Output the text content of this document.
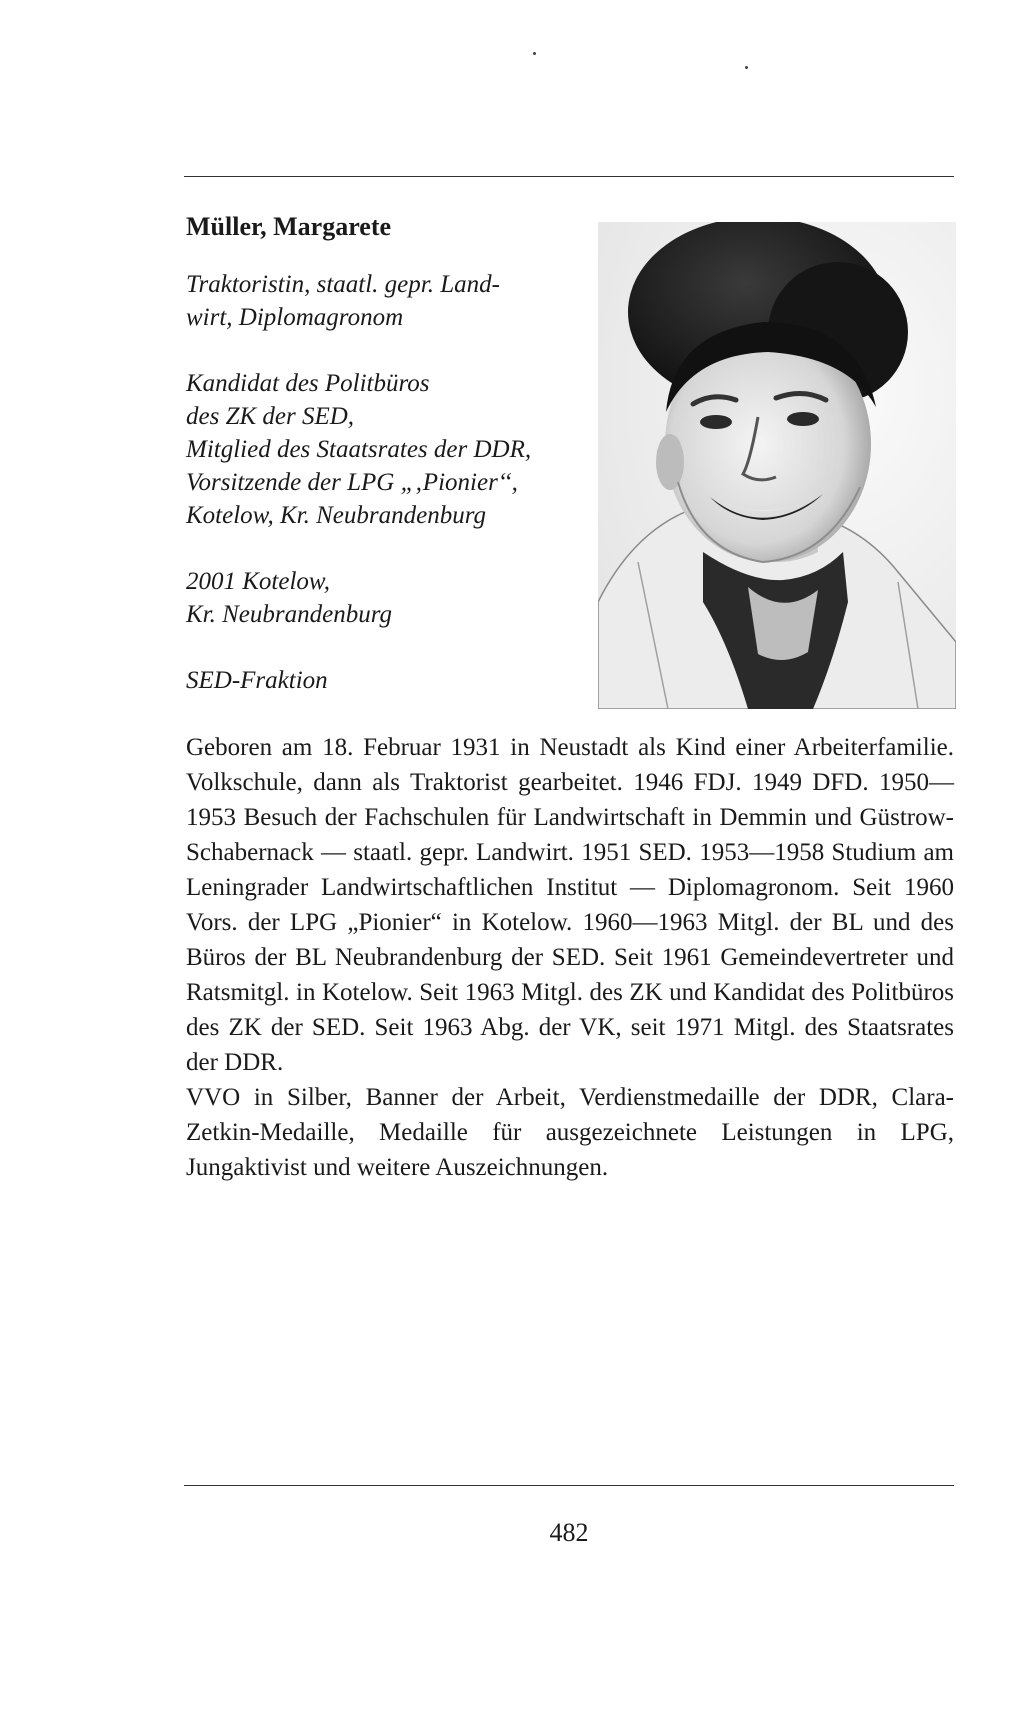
Müller, Margarete

Traktoristin, staatl. gepr. Land-
wirt, Diplomagronom

Kandidat des Politbüros
des ZK der SED,
Mitglied des Staatsrates der DDR,
Vorsitzende der LPG „‚Pionier‘‘,
Kotelow, Kr. Neubrandenburg

2001 Kotelow,
Kr. Neubrandenburg

SED-Fraktion

Geboren am 18. Februar 1931 in Neustadt als Kind einer Arbeiterfamilie. Volkschule, dann als Traktorist gearbeitet. 1946 FDJ. 1949 DFD. 1950—1953 Besuch der Fachschulen für Landwirtschaft in Demmin und Güstrow-Schabernack — staatl. gepr. Landwirt. 1951 SED. 1953—1958 Studium am Leningrader Landwirtschaftlichen Institut — Diplomagronom. Seit 1960 Vors. der LPG „Pionier“ in Kotelow. 1960—1963 Mitgl. der BL und des Büros der BL Neubrandenburg der SED. Seit 1961 Gemeindevertreter und Ratsmitgl. in Kotelow. Seit 1963 Mitgl. des ZK und Kandidat des Politbüros des ZK der SED. Seit 1963 Abg. der VK, seit 1971 Mitgl. des Staatsrates der DDR.

VVO in Silber, Banner der Arbeit, Verdienstmedaille der DDR, Clara-Zetkin-Medaille, Medaille für ausgezeichnete Leistungen in LPG, Jungaktivist und weitere Auszeichnungen.

482
